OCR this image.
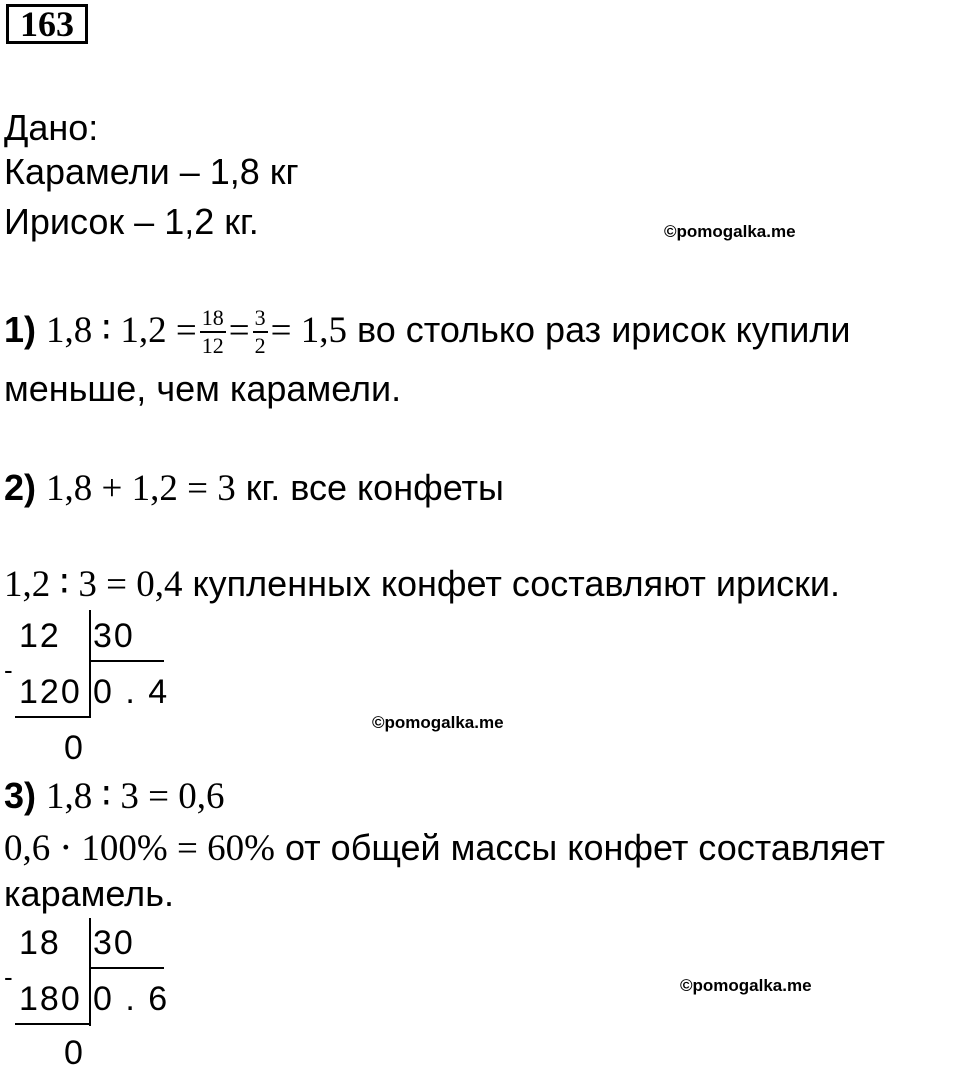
163
Дано:
Карамели – 1,8 кг
Ирисок – 1,2 кг.	©pomogalka.me
1) 1,8 ∶ $1,2 = \frac{18}{12} = \frac{3}{2} = 1,5$ во столько раз ирисок купили
меньше, чем карамели.
2) 1,8 + 1,2 = 3 кг. все конфеты
1,2 ∶ 3 = 0,4 купленных конфет составляют ириски.
-
12 30
120 0 . 4
0
©pomogalka.me
3) 1,8 ∶ 3 = 0,6
0,6 ⋅ 100% = 60% от общей массы конфет составляет
карамель.
-
18 30
180 0 . 6
0
©pomogalka.me
